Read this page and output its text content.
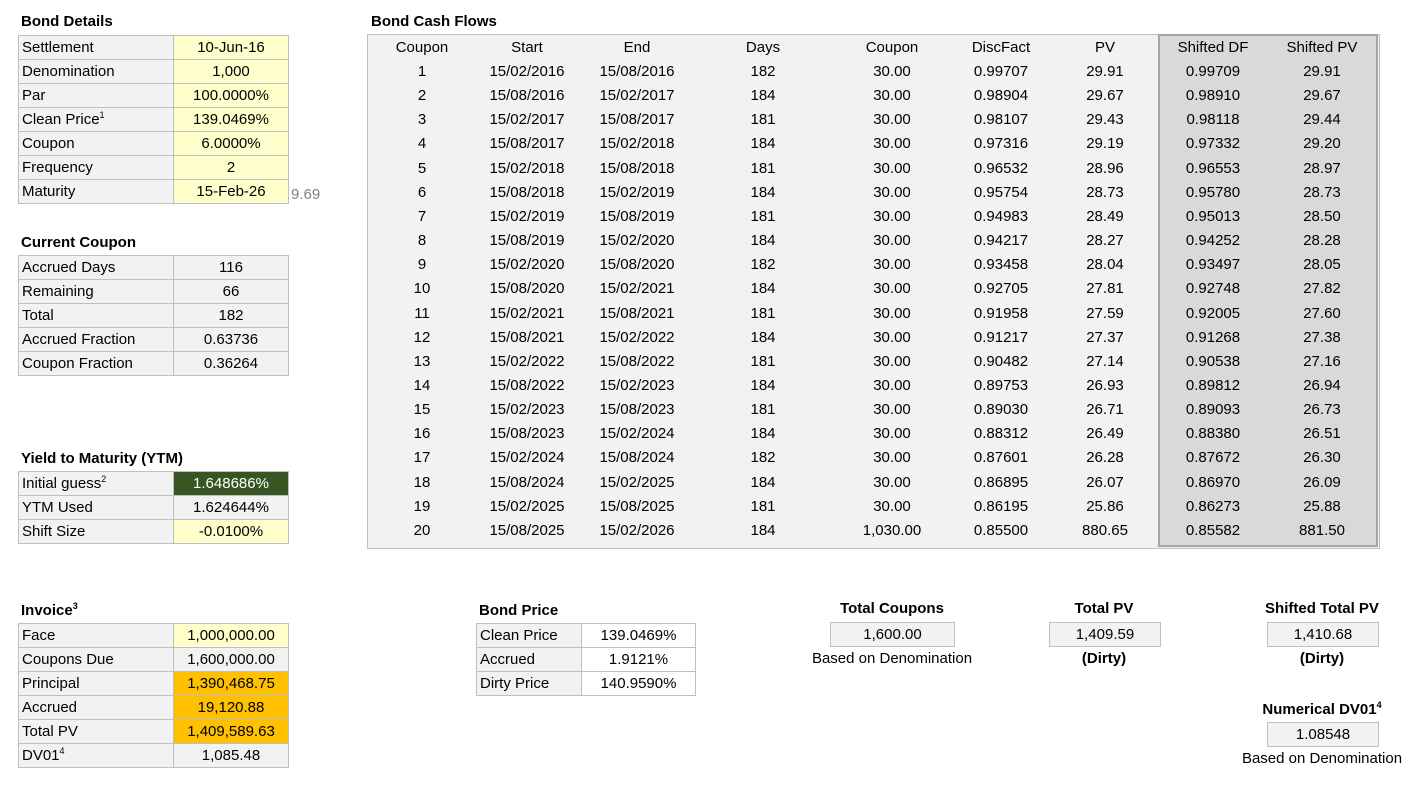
Bond Details
Settlement	10-Jun-16
Denomination	1,000
Par	100.0000%
Clean Price$^1$	139.0469%
Coupon	6.0000%
Frequency	2
Maturity	15-Feb-26 9.69
Current Coupon
Accrued Days	116
Remaining	66
Total	182
Accrued Fraction	0.63736
Coupon Fraction	0.36264
Yield to Maturity (YTM)
Initial guess$^2$	1.648686%
YTM Used	1.624644%
Shift Size	-0.0100%
Invoice$^3$
Face	1,000,000.00
Coupons Due	1,600,000.00
Principal	1,390,468.75
Accrued	19,120.88
Total PV	1,409,589.63
$DV01^4$	1,085.48
Bond Cash Flows
Coupon	Start	End	Days	Coupon	DiscFact	PV	Shifted DF	Shifted PV
1	15/02/2016	15/08/2016	182	30.00	0.99707	29.91	0.99709	29.91
2	15/08/2016	15/02/2017	184	30.00	0.98904	29.67	0.98910	29.67
3	15/02/2017	15/08/2017	181	30.00	0.98107	29.43	0.98118	29.44
4	15/08/2017	15/02/2018	184	30.00	0.97316	29.19	0.97332	29.20
5	15/02/2018	15/08/2018	181	30.00	0.96532	28.96	0.96553	28.97
6	15/08/2018	15/02/2019	184	30.00	0.95754	28.73	0.95780	28.73
7	15/02/2019	15/08/2019	181	30.00	0.94983	28.49	0.95013	28.50
8	15/08/2019	15/02/2020	184	30.00	0.94217	28.27	0.94252	28.28
9	15/02/2020	15/08/2020	182	30.00	0.93458	28.04	0.93497	28.05
10	15/08/2020	15/02/2021	184	30.00	0.92705	27.81	0.92748	27.82
11	15/02/2021	15/08/2021	181	30.00	0.91958	27.59	0.92005	27.60
12	15/08/2021	15/02/2022	184	30.00	0.91217	27.37	0.91268	27.38
13	15/02/2022	15/08/2022	181	30.00	0.90482	27.14	0.90538	27.16
14	15/08/2022	15/02/2023	184	30.00	0.89753	26.93	0.89812	26.94
15	15/02/2023	15/08/2023	181	30.00	0.89030	26.71	0.89093	26.73
16	15/08/2023	15/02/2024	184	30.00	0.88312	26.49	0.88380	26.51
17	15/02/2024	15/08/2024	182	30.00	0.87601	26.28	0.87672	26.30
18	15/08/2024	15/02/2025	184	30.00	0.86895	26.07	0.86970	26.09
19	15/02/2025	15/08/2025	181	30.00	0.86195	25.86	0.86273	25.88
20	15/08/2025	15/02/2026	184	1,030.00	0.85500	880.65	0.85582	881.50
Bond Price
Clean Price	139.0469%
Accrued	1.9121%
Dirty Price	140.9590%
Total Coupons
1,600.00
Based on Denomination
Total PV
1,409.59
(Dirty)
Shifted Total PV
1,410.68
(Dirty)
Numerical $DV01^4$
1.08548
Based on Denomination
